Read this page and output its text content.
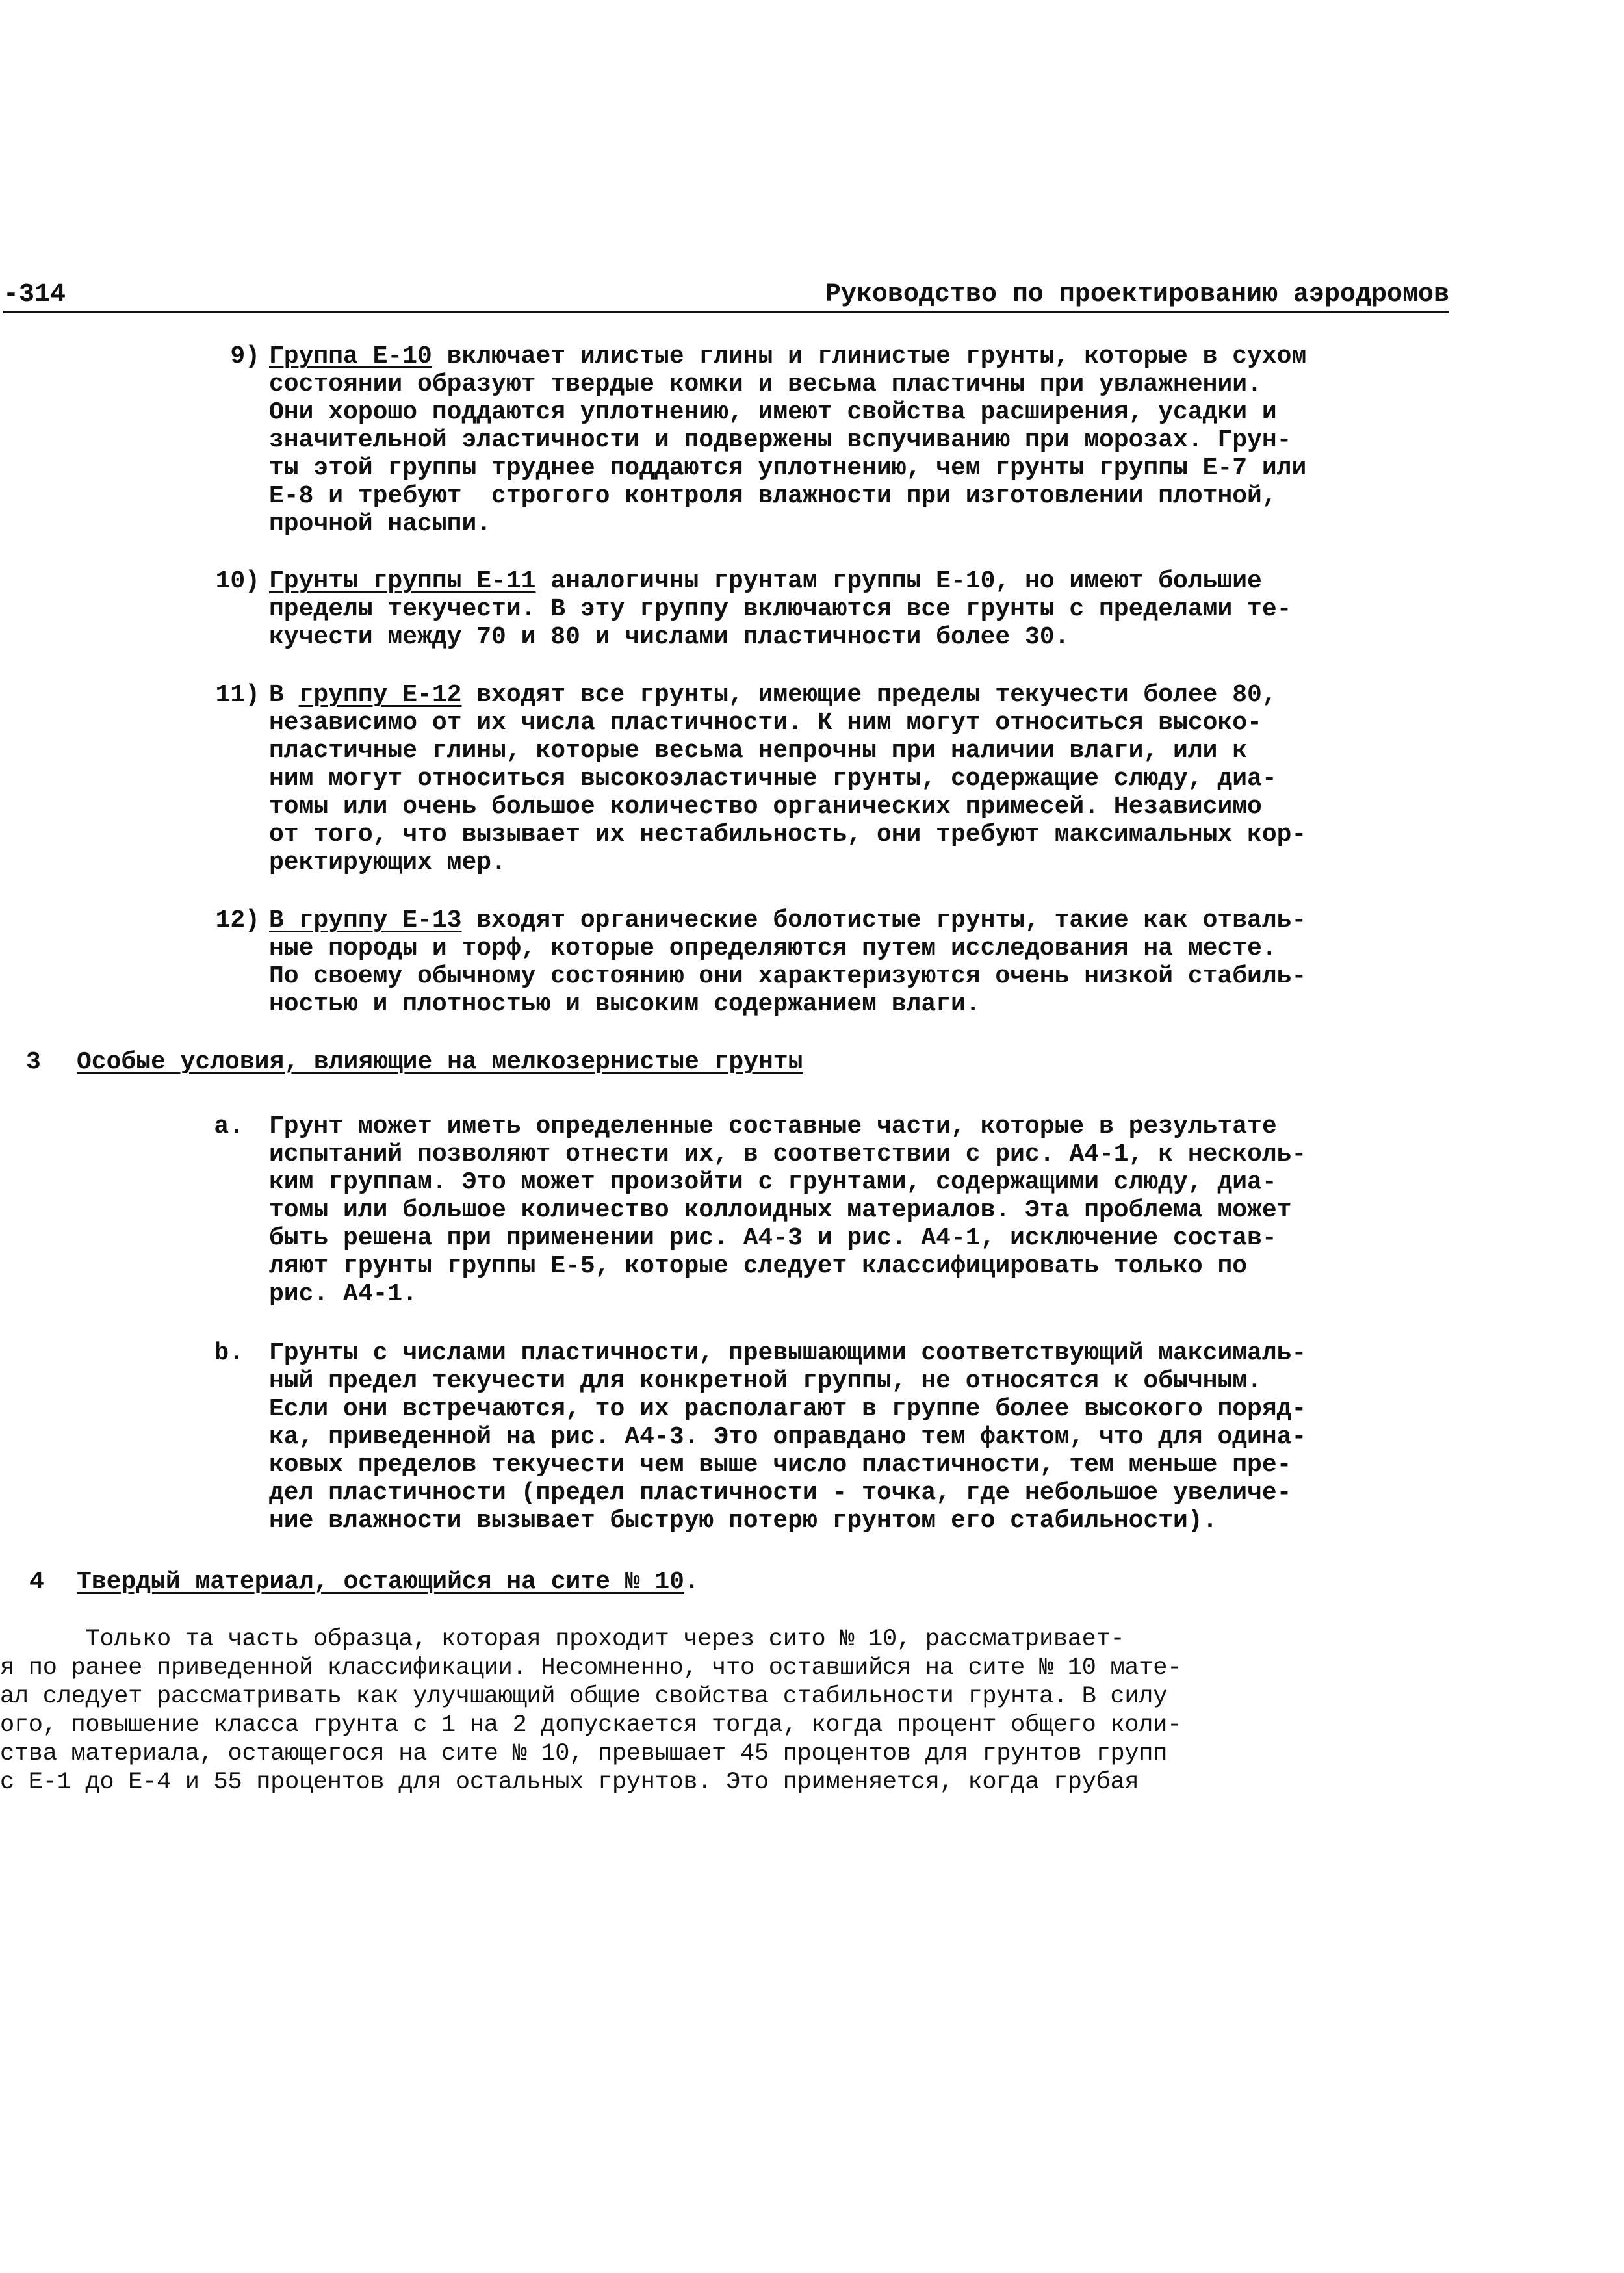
-314	Руководство по проектированию аэродромов
9) Группа E-10 включает илистые глины и глинистые грунты, которые в сухом
состоянии образуют твердые комки и весьма пластичны при увлажнении.
Они хорошо поддаются уплотнению, имеют свойства расширения, усадки и
значительной эластичности и подвержены вспучиванию при морозах. Грун-
ты этой группы труднее поддаются уплотнению, чем грунты группы E-7 или
E-8 и требуют  строгого контроля влажности при изготовлении плотной,
прочной насыпи.
10) Грунты группы E-11 аналогичны грунтам группы E-10, но имеют большие
пределы текучести. В эту группу включаются все грунты с пределами те-
кучести между 70 и 80 и числами пластичности более 30.
11) В группу E-12 входят все грунты, имеющие пределы текучести более 80,
независимо от их числа пластичности. К ним могут относиться высоко-
пластичные глины, которые весьма непрочны при наличии влаги, или к
ним могут относиться высокоэластичные грунты, содержащие слюду, диа-
томы или очень большое количество органических примесей. Независимо
от того, что вызывает их нестабильность, они требуют максимальных кор-
ректирующих мер.
12) В группу E-13 входят органические болотистые грунты, такие как отваль-
ные породы и торф, которые определяются путем исследования на месте.
По своему обычному состоянию они характеризуются очень низкой стабиль-
ностью и плотностью и высоким содержанием влаги.
3 Особые условия, влияющие на мелкозернистые грунты
a. Грунт может иметь определенные составные части, которые в результате
испытаний позволяют отнести их, в соответствии с рис. A4-1, к несколь-
ким группам. Это может произойти с грунтами, содержащими слюду, диа-
томы или большое количество коллоидных материалов. Эта проблема может
быть решена при применении рис. A4-3 и рис. A4-1, исключение состав-
ляют грунты группы E-5, которые следует классифицировать только по
рис. A4-1.
b. Грунты с числами пластичности, превышающими соответствующий максималь-
ный предел текучести для конкретной группы, не относятся к обычным.
Если они встречаются, то их располагают в группе более высокого поряд-
ка, приведенной на рис. A4-3. Это оправдано тем фактом, что для одина-
ковых пределов текучести чем выше число пластичности, тем меньше пре-
дел пластичности (предел пластичности - точка, где небольшое увеличе-
ние влажности вызывает быструю потерю грунтом его стабильности).
4 Твердый материал, остающийся на сите № 10.
Только та часть образца, которая проходит через сито № 10, рассматривает-
я по ранее приведенной классификации. Несомненно, что оставшийся на сите № 10 мате-
ал следует рассматривать как улучшающий общие свойства стабильности грунта. В силу
ого, повышение класса грунта с 1 на 2 допускается тогда, когда процент общего коли-
ства материала, остающегося на сите № 10, превышает 45 процентов для грунтов групп
с E-1 до E-4 и 55 процентов для остальных грунтов. Это применяется, когда грубая
